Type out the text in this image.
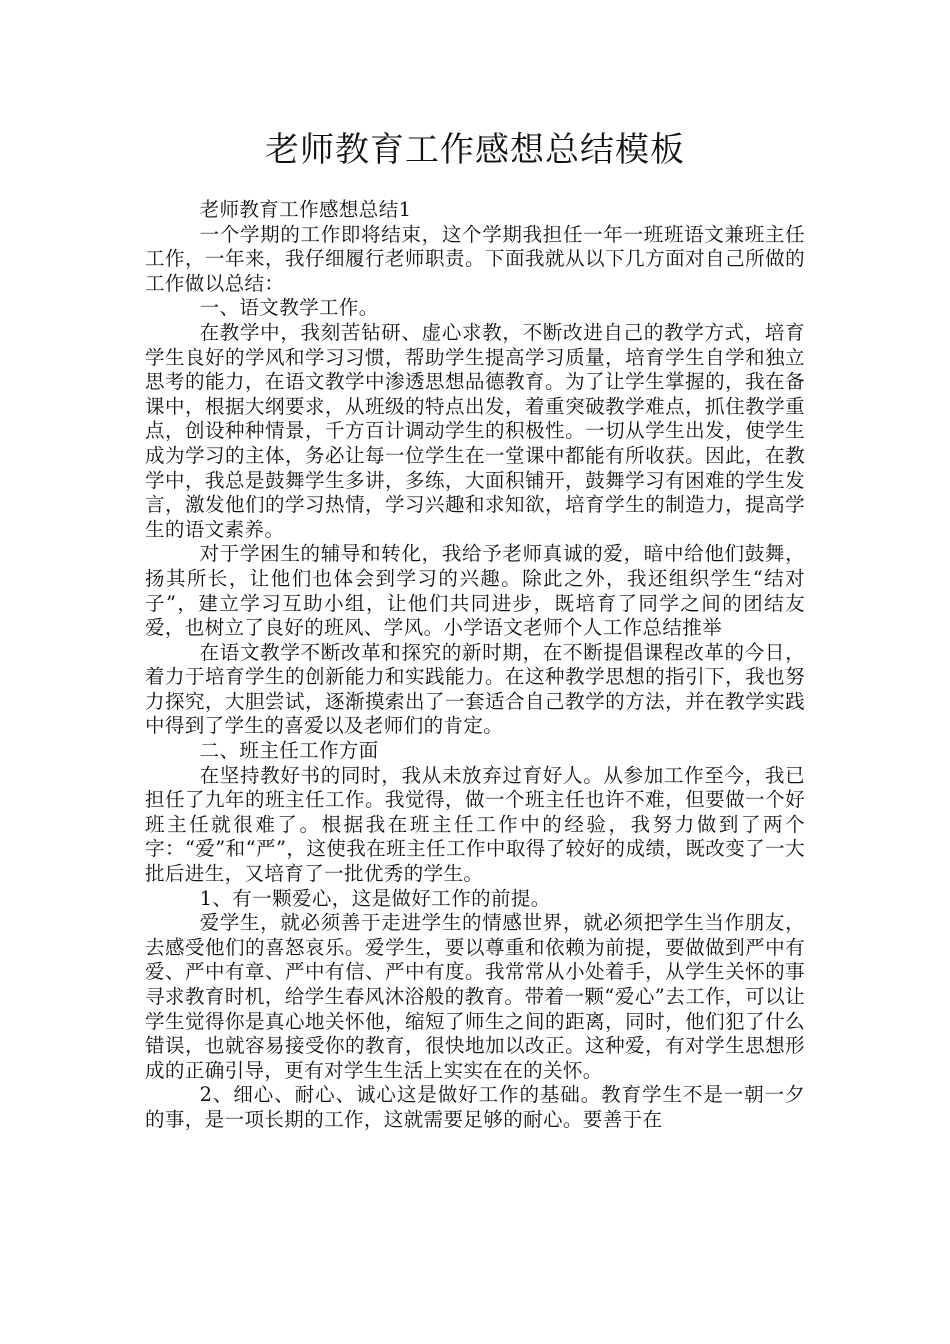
老师教育工作感想总结模板

老师教育工作感想总结1

一个学期的工作即将结束，这个学期我担任一年一班班语文兼班主任工作，一年来，我仔细履行老师职责。下面我就从以下几方面对自己所做的工作做以总结：

一、语文教学工作。

在教学中，我刻苦钻研、虚心求教，不断改进自己的教学方式，培育学生良好的学风和学习习惯，帮助学生提高学习质量，培育学生自学和独立思考的能力，在语文教学中渗透思想品德教育。为了让学生掌握的，我在备课中，根据大纲要求，从班级的特点出发，着重突破教学难点，抓住教学重点，创设种种情景，千方百计调动学生的积极性。一切从学生出发，使学生成为学习的主体，务必让每一位学生在一堂课中都能有所收获。因此，在教学中，我总是鼓舞学生多讲，多练，大面积铺开，鼓舞学习有困难的学生发言，激发他们的学习热情，学习兴趣和求知欲，培育学生的制造力，提高学生的语文素养。

对于学困生的辅导和转化，我给予老师真诚的爱，暗中给他们鼓舞，扬其所长，让他们也体会到学习的兴趣。除此之外，我还组织学生“结对子”，建立学习互助小组，让他们共同进步，既培育了同学之间的团结友爱，也树立了良好的班风、学风。小学语文老师个人工作总结推举

在语文教学不断改革和探究的新时期，在不断提倡课程改革的今日，着力于培育学生的创新能力和实践能力。在这种教学思想的指引下，我也努力探究，大胆尝试，逐渐摸索出了一套适合自己教学的方法，并在教学实践中得到了学生的喜爱以及老师们的肯定。

二、班主任工作方面

在坚持教好书的同时，我从未放弃过育好人。从参加工作至今，我已担任了九年的班主任工作。我觉得，做一个班主任也许不难，但要做一个好班主任就很难了。根据我在班主任工作中的经验，我努力做到了两个字：“爱”和“严”，这使我在班主任工作中取得了较好的成绩，既改变了一大批后进生，又培育了一批优秀的学生。

1、有一颗爱心，这是做好工作的前提。

爱学生，就必须善于走进学生的情感世界，就必须把学生当作朋友，去感受他们的喜怒哀乐。爱学生，要以尊重和依赖为前提，要做做到严中有爱、严中有章、严中有信、严中有度。我常常从小处着手，从学生关怀的事寻求教育时机，给学生春风沐浴般的教育。带着一颗“爱心”去工作，可以让学生觉得你是真心地关怀他，缩短了师生之间的距离，同时，他们犯了什么错误，也就容易接受你的教育，很快地加以改正。这种爱，有对学生思想形成的正确引导，更有对学生生活上实实在在的关怀。

2、细心、耐心、诚心这是做好工作的基础。教育学生不是一朝一夕的事，是一项长期的工作，这就需要足够的耐心。要善于在
